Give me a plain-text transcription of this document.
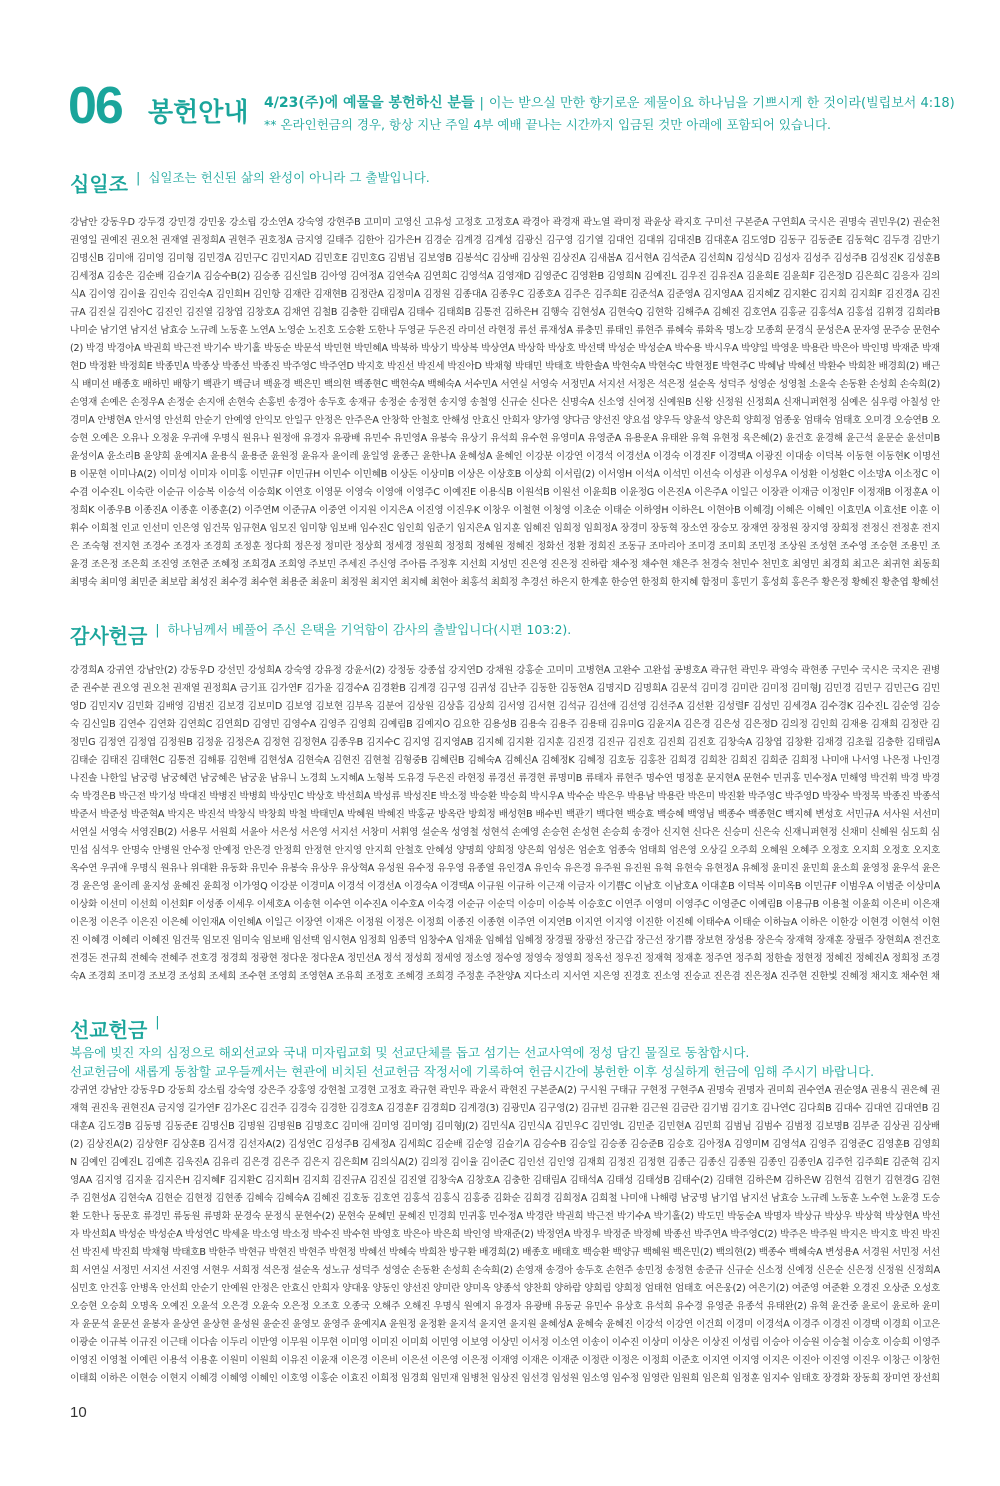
06 봉헌안내 4/23(주)에 예물을 봉헌하신 분들 | 이는 받으실 만한 향기로운 제물이요 하나님을 기쁘시게 한 것이라(빌립보서 4:18)
** 온라인헌금의 경우, 항상 지난 주일 4부 예배 끝나는 시간까지 입금된 것만 아래에 포함되어 있습니다.
십일조 | $^{십일조는 헌신된 삶의 완성이 아니라 그 출발입니다.}$

강남안 강동우D 강두경 강민경 강민웅 강소립 강소연A 강숙영 강현주B 고미미 고영신 고유성 고정호 고정호A 곽경아 곽경재 곽노열 곽미정 곽윤상 곽지호 구미선 구본준A 구연희A 국시은 권명숙 권민우(2) 권순천 권영일 권예진 권오천 권재열 권정희A 권현주 권호정A 금지영 길태주 김한아 김가은H 김경순 김계경 김계성 김광신 김구영 김기열 김대언 김대위 김대진B 김대훈A 김도영D 김동구 김동준E 김동혁C 김두경 김만기 김명신B 김미애 김미영 김미형 김민경A 김민구C 김민지AD 김민호E 김민호G 김범님 김보영B 김봉석C 김상배 김상원 김상진A 김새봄A 김서현A 김석준A 김선희N 김성식D 김성자 김성주 김성주B 김성진K 김성훈B 김세정A 김송은 김순배 김슬기A 김승수B(2) 김승종 김신일B 김아영 김여정A 김연숙A 김연희C 김영석A 김영재D 김영준C 김영환B 김영희N 김예진L 김우진 김유진A 김윤희E 김윤희F 김은정D 김은희C 김응자 김의식A 김이영 김이율 김인숙 김인숙A 김인희H 김인항 김재란 김재현B 김정란A 김정미A 김정원 김종대A 김종우C 김종호A 김주은 김주희E 김준석A 김준영A 김지영AA 김지혜Z 김지환C 김지희 김지희F 김진경A 김진규A 김진실 김진아C 김진인 김진열 김창엽 김창호A 김채연 김철B 김충한 김태림A 김태수 김태희B 김통전 김하은H 김행숙 김현성A 김현숙Q 김현학 김해주A 김혜진 김호연A 김홍균 김홍석A 김홍섭 김휘경 김희라B 나미순 남기연 남지선 남효승 노규례 노동훈 노연A 노영순 노진호 도승환 도한나 두영균 두은진 라미선 라현정 류선 류재성A 류충민 류태인 류현주 류혜숙 류화옥 명노강 모종희 문경식 문성은A 문자영 문주승 문현수(2) 박경 박경아A 박권희 박근전 박기수 박기홀 박동순 박문석 박민현 박민혜A 박북하 박상기 박상복 박상연A 박상학 박상호 박선택 박성순 박성순A 박수용 박시우A 박양일 박영운 박용란 박은아 박인명 박재준 박재현D 박정환 박정희E 박종민A 박종상 박종선 박종진 박주영C 박주연D 박지호 박진선 박진세 박진아D 박채형 박태민 박태호 박한솔A 박현숙A 박현숙C 박현정E 박현주C 박혜남 박혜선 박환수 박희찬 배경희(2) 배근식 배미선 배종호 배하민 배항기 백관기 백금녀 백윤경 백은민 백의현 백종현C 백현숙A 백혜숙A 서수민A 서연실 서영숙 서정민A 서지선 서정은 석은정 설순옥 성덕주 성영순 성영철 소윤숙 손동환 손성희 손숙희(2) 손영재 손예은 손정우A 손정순 손지애 손현숙 손홍빈 송경아 송두호 송재규 송정순 송정현 송지영 송철영 신규순 신다은 신명숙A 신소영 신여정 신예원B 신왕 신정원 신정희A 신재니퍼현정 심예은 심우령 아칠성 안경미A 안병현A 안서영 안선희 안순기 안예영 안익모 안일구 안정은 안주은A 안창학 안철호 안해성 안효신 안희자 양가영 양다금 양선진 양요섭 양우득 양윤석 양은희 양희정 엄종웅 엄태숙 엄태호 오미경 오승연B 오승현 오예은 오유나 오정윤 우귀애 우명식 원유나 원정애 유경자 유광배 유민수 유민영A 유봉숙 유상기 유석희 유수현 유영미A 유영준A 유용운A 유태완 유혁 유현정 육은혜(2) 윤건호 윤경해 윤근석 윤문순 윤선미B 윤성이A 윤소리B 윤양희 윤예지A 윤용식 윤용준 윤원정 윤유자 윤이레 윤일영 윤종근 윤한나A 윤혜성A 윤혜인 이강분 이강연 이경석 이경선A 이경숙 이경진F 이경택A 이광진 이대송 이덕복 이동현 이동현K 이명선B 이문현 이미나A(2) 이미성 이미자 이미홍 이민규F 이민규H 이민수 이민혜B 이상돈 이상미B 이상은 이상호B 이상희 이서림(2) 이서영H 이석A 이석민 이선숙 이성관 이성우A 이성환 이성환C 이소망A 이소정C 이수겸 이수진L 이숙란 이순규 이승복 이승석 이승희K 이연호 이영문 이영숙 이영애 이영주C 이예진E 이용식B 이원석B 이원선 이윤희B 이윤정G 이은진A 이은주A 이일근 이장관 이재금 이정인F 이정재B 이정훈A 이정희K 이종우B 이종진A 이종훈 이종훈(2) 이주연M 이준규A 이중연 이지원 이지은A 이진영 이진우K 이창우 이철현 이청영 이초순 이태순 이하영H 이하은L 이현아B 이혜경J 이혜은 이혜인 이효민A 이효선E 이훈 이휘수 이희철 인교 인선미 인은영 임건묵 임규현A 임모진 임미향 임보배 임수진C 임인희 임준기 임지은A 임지훈 임혜진 임희정 임희정A 장경미 장동혁 장소연 장승모 장재연 장정원 장지영 장희정 전정신 전정훈 전지은 조숙형 전지현 조경수 조경자 조경희 조정훈 정다희 정은정 정미란 정상희 정세경 정원희 정정희 정혜원 정혜진 정화선 정환 정희진 조동규 조마리아 조미경 조미희 조민정 조상원 조성현 조수영 조승현 조용민 조윤경 조은정 조은희 조진영 조현준 조혜정 조희경A 조희영 주보민 주세진 주신영 주아름 주정후 지선희 지성민 진은영 진은정 진하람 채수정 채수현 채은주 천경숙 천민수 천민호 최영민 최경희 최고은 최귀현 최동희 최명숙 최미영 최민준 최보람 최성진 최수경 최수현 최용준 최윤미 최정원 최지연 최지혜 최현아 최홍석 최희정 추경선 하은지 한계훈 한승연 한정희 한지혜 함정미 홍민기 홍성희 홍은주 황은정 황혜진 황춘엽 황혜선

감사헌금 | $^{하나님께서 베풀어 주신 은택을 기억함이 감사의 출발입니다(시편 103:2).}$

강경희A 강귀연 강남안(2) 강동우D 강선민 강성희A 강숙영 강유정 강윤서(2) 강정동 강종섭 강지연D 강채원 강홍순 고미미 고병현A 고완수 고완섭 공병호A 곽규헌 곽민우 곽영숙 곽현종 구민수 국시은 국지은 권병준 권수분 권오영 권오천 권재열 권정희A 금기표 김가연F 김가윤 김경수A 김경환B 김계경 김구영 김귀성 김난주 김동한 김동현A 김명지D 김명희A 김문석 김미경 김미란 김미정 김미형J 김민경 김민구 김민근G 김민영D 김민지V 김민화 김배영 김범진 김보경 김보미D 김보영 김보현 김부옥 김분여 김상원 김상흠 김상희 김서영 김서현 김석규 김선애 김선영 김선주A 김선환 김성렬F 김성민 김세경A 김수경K 김수진L 김순영 김승숙 김신일B 김연수 김연화 김연희C 김연희D 김영민 김영수A 김영주 김영희 김예림B 김예지O 김요한 김용성B 김용숙 김용주 김용태 김유미G 김윤지A 김은경 김은성 김은정D 김의정 김인희 김재용 김재희 김정란 김정민G 김정연 김정엽 김정원B 김정윤 김정은A 김정현 김정현A 김종우B 김지수C 김지영 김지영AB 김지혜 김지환 김지훈 김진경 김진규 김진호 김진희 김진호 김창숙A 김창엽 김창환 김채경 김초월 김충한 김태림A 김태순 김태진 김태현C 김통전 김해룡 김현배 김현성A 김현숙A 김현진 김현철 김형중B 김혜린B 김혜숙A 김혜신A 김혜정K 김혜정 김호동 김홍찬 김희경 김희찬 김희진 김희준 김희정 나미애 나서영 나은정 나인경 나진솔 나한일 남궁령 남궁혜련 남궁혜은 남궁윤 남유니 노경희 노지혜A 노형복 도유경 두은진 라현정 류경선 류경현 류명미B 류태자 류현주 명수연 명정훈 문지현A 문현수 민귀홍 민수정A 민해영 박건휘 박경 박경숙 박경은B 박근전 박기성 박대진 박병진 박병희 박상민C 박상호 박선희A 박성류 박성진E 박소정 박승환 박승희 박시우A 박수순 박은우 박용남 박용란 박은미 박진환 박주영C 박주영D 박장수 박정묵 박종진 박종석 박준서 박준성 박준혁A 박지은 박진석 박창식 박창희 박철 박태민A 박혜원 박혜진 박홍균 방옥란 방희정 배성현B 배수빈 백관기 백다현 백승효 백승혜 백영님 백종수 백종현C 백지혜 변성호 서민규A 서사원 서선미 서연실 서영숙 서영진B(2) 서용무 서원희 서윤아 서은성 서은영 서지선 서창미 서휘영 설순옥 성영철 성현석 손예영 손승현 손성현 손승희 송경아 신지현 신다은 신승미 신은숙 신재니퍼현정 신채미 신혜원 심도희 심민섭 심석우 안명숙 안병원 안수정 안예정 안은경 안정희 안정현 안지영 안지희 안철호 안혜성 양명희 양희정 양은희 엄성은 엄순호 엄종숙 엄태희 엄은영 오상길 오주희 오혜원 오혜주 오정호 오지희 오정호 오지호 옥수연 우귀애 우명식 원유나 위대환 유동화 유민수 유봉숙 유상우 유상혁A 유성원 유수정 유우영 유종열 유인경A 유인숙 유은경 유주원 유진원 유혁 유현숙 유현정A 유혜정 윤미진 윤민희 윤소희 윤영정 윤우석 윤은경 윤은영 윤이레 윤지성 윤혜진 윤희정 이가영Q 이강분 이경미A 이경석 이경선A 이경숙A 이경택A 이규원 이규하 이근재 이금자 이기쁨C 이남호 이남호A 이대훈B 이덕복 이미옥B 이민규F 이범우A 이범준 이상미A 이상화 이선미 이선희 이선회F 이성종 이세우 이세호A 이송현 이수연 이수진A 이수호A 이숙경 이순규 이순덕 이승미 이승복 이승호C 이연주 이영미 이영주C 이영준C 이예림B 이용규B 이용철 이윤희 이은비 이은재 이은정 이은주 이은진 이은혜 이인재A 이인혜A 이일근 이장연 이재은 이정원 이정은 이정희 이종진 이종현 이주연 이지연B 이지연 이지영 이진한 이진혜 이태수A 이태순 이하늘A 이하은 이한강 이현경 이현석 이현진 이혜경 이혜리 이혜진 임건묵 임모진 임미숙 임보배 임선택 임시현A 임정희 임종덕 임창수A 임채윤 임혜섭 임혜정 장경필 장광선 장근갑 장근선 장기쁨 장보현 장성용 장은숙 장재혁 장재훈 장필주 장현희A 전건호 전경돈 전규희 전혜숙 전혜주 전호경 정경희 정광현 정다운 정다운A 정민선A 정석 정성희 정세영 정소영 정수영 정영숙 정영희 정옥선 정우진 정재혁 정재훈 정주연 정주희 정한솔 정현정 정혜진 정혜진A 정희정 조경숙A 조경희 조미경 조보경 조성희 조세희 조수현 조영희 조영현A 조유희 조정호 조혜경 조희경 주정훈 주찬양A 지다소리 지서연 지은영 진경호 진소영 진승교 진은겸 진은정A 진주현 진한빛 진혜정 채지호 채수현 채

선교헌금 |복음에 빚진 자의 심정으로 해외선교와 국내 미자립교회 및 선교단체를 돕고 섬기는 선교사역에 정성 담긴 물질로 동참합시다.
선교헌금에 새롭게 동참할 교우들께서는 현관에 비치된 선교헌금 작정서에 기록하여 헌금시간에 봉헌한 이후 성실하게 헌금에 임해 주시기 바랍니다.

강귀연 강남안 강동우D 강동희 강소립 강숙영 강은주 강홍영 강현철 고경현 고정호 곽규현 곽민우 곽윤서 곽현진 구본준A(2) 구시원 구태규 구현정 구현주A 권명숙 권명자 권미희 권수연A 권순영A 권용식 권은혜 권재혁 권진욱 권현진A 금지영 길가연F 김가온C 김건주 김경숙 김경한 김경호A 김경훈F 김경희D 김계경(3) 김광민A 김구영(2) 김규빈 김규환 김근원 김금란 김기범 김기호 김나연C 김다희B 김대수 김대연 김대연B 김대훈A 김도경B 김동명 김동준E 김명신B 김명원 김명원B 김명호C 김미애 김미영 김미영J 김미형J(2) 김민식A 김민식A 김민우C 김민영L 김민준 김민현A 김민희 김범님 김범수 김범정 김보명B 김부준 김상권 김상배(2) 김상진A(2) 김상현F 김상훈B 김서경 김선자A(2) 김성연C 김성주B 김세정A 김세희C 김순배 김순영 김슬기A 김승수B 김승일 김승종 김승준B 김승호 김아정A 김영미M 김영석A 김영주 김영준C 김영훈B 김영희N 김예인 김예진L 김예흔 김욱진A 김유리 김은경 김은주 김은지 김은희M 김의식A(2) 김의정 김이율 김이준C 김인선 김인영 김재희 김정진 김정현 김종근 김종신 김종원 김종인 김종인A 김주헌 김주희E 김준혁 김지영AA 김지영 김지윤 김지은H 김지혜F 김지환C 김지희H 김지희 김진규A 김진실 김진열 김창숙A 김창호A 김충한 김태림A 김태석A 김태성 김태성B 김태수(2) 김태현 김하은M 김하은W 김현석 김현기 김현경G 김현주 김현성A 김현숙A 김현순 김현정 김현종 김혜숙 김혜숙A 김혜진 김호동 김호연 김홍석 김홍식 김홍중 김화순 김희경 김희정A 김희철 나미애 나해령 남궁명 남기엽 남지선 남효승 노규례 노동훈 노수현 노윤경 도승환 도한나 동문호 류경민 류동원 류명화 문경숙 문정식 문현수(2) 문현숙 문혜민 문혜진 민경희 민귀홍 민수정A 박경란 박권희 박근전 박기수A 박기홀(2) 박도민 박동순A 박명자 박상규 박상우 박상혁 박상현A 박선자 박선희A 박성순 박성순A 박성연C 박세윤 박소영 박소정 박수진 박수현 박영호 박은아 박은희 박인영 박재준(2) 박정연A 박정우 박정준 박정혜 박종선 박주연A 박주영C(2) 박주은 박주원 박지은 박지호 박진 박진선 박진세 박진희 박채형 박태호B 박한주 박현규 박현진 박현주 박현정 박혜선 박혜숙 박희찬 방구환 배경희(2) 배종호 배태호 백승환 백양규 백혜원 백은민(2) 백의현(2) 백종수 백혜숙A 변성용A 서경원 서민정 서선희 서연실 서정민 서지선 서진영 서현우 서희정 석은정 설순옥 성노규 성덕주 성영순 손동환 손성희 손숙희(2) 손영재 송경아 송두호 손현주 송민정 송정현 송준규 신규순 신소정 신예정 신은순 신은정 신정원 신정희A 심민호 안건홍 안병옥 안선희 안순기 안예원 안정은 안효신 안희자 양대웅 양동인 양선진 양미란 양미옥 양종석 양찬희 양하람 양희림 양희정 엄태현 엄태호 여은웅(2) 여은기(2) 여준영 여준환 오경진 오상준 오성호 오승현 오승희 오명옥 오예진 오윤석 오은경 오윤숙 오은정 오조호 오종국 오해주 오해진 우명식 원예지 유경자 유광배 유동균 유민수 유상호 유석희 유수경 유영준 유종석 유태완(2) 유혁 윤건중 윤로이 윤로하 윤미자 윤문석 윤문선 윤봉자 윤상연 윤상현 윤성원 윤순진 윤영모 윤영주 윤예지A 윤원정 윤정환 윤지석 윤지연 윤지원 윤혜성A 윤혜숙 윤혜진 이강석 이강연 이건희 이경미 이경석A 이경주 이경진 이경택 이경희 이고은 이광순 이규복 이규진 이근태 이다솜 이두리 이만영 이무원 이무현 이미영 이미진 이미희 이민영 이보영 이상민 이서정 이소연 이송이 이수진 이상미 이상은 이상진 이성림 이승아 이승원 이승철 이승호 이승희 이영주 이영진 이영철 이예린 이용석 이용훈 이원미 이원희 이유진 이윤재 이은경 이은비 이은선 이은영 이은정 이재영 이재은 이재준 이정란 이정은 이정희 이준호 이지연 이지영 이지은 이진아 이진영 이진우 이창근 이창헌 이태희 이하은 이현승 이현지 이혜경 이혜영 이혜인 이호영 이홍순 이효진 이희정 임경희 임민재 임병천 임상진 임선경 임성원 임소영 임수정 임영란 임원희 임은희 임정훈 임지수 임태호 장경화 장동희 장미연 장선희

10
